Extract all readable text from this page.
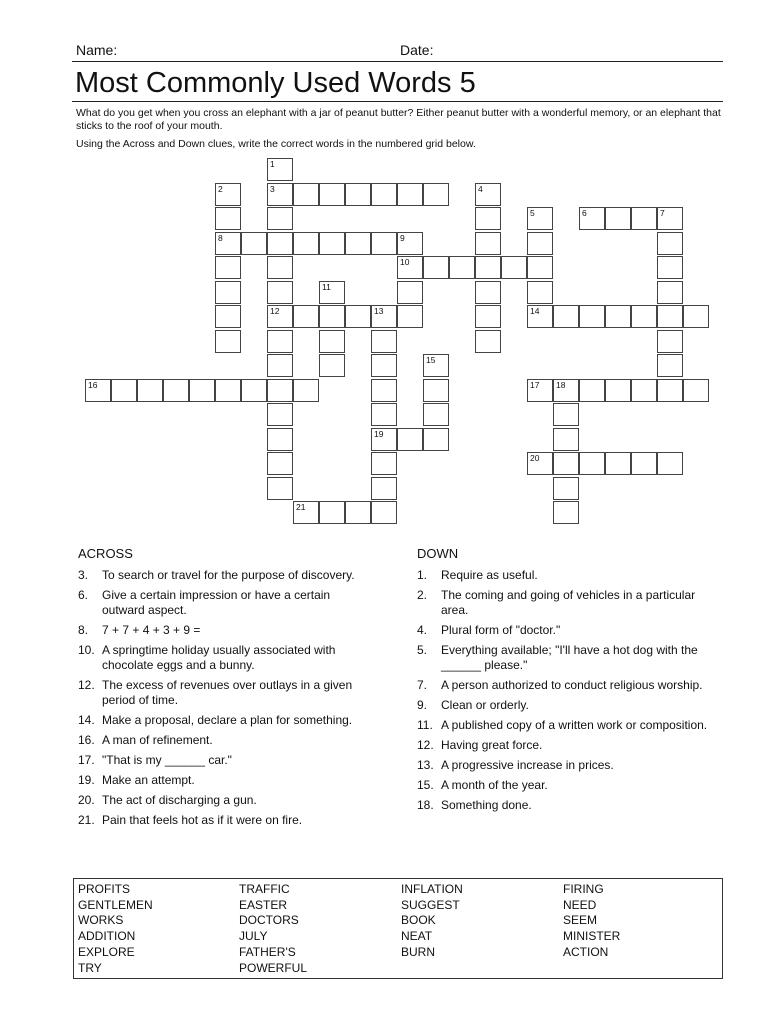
Name:	Date:
Most Commonly Used Words 5
What do you get when you cross an elephant with a jar of peanut butter? Either peanut butter with a wonderful memory, or an elephant that sticks to the roof of your mouth.
Using the Across and Down clues, write the correct words in the numbered grid below.
3
6	7
8	9
10
12	13	14
16	17 18
19
20
21
1
2	4
5
11
15
ACROSS	DOWN
3.	To search or travel for the purpose of discovery.
6.	Give a certain impression or have a certain outward aspect.
8.	7 + 7 + 4 + 3 + 9 =
10. A springtime holiday usually associated with chocolate eggs and a bunny.
12. The excess of revenues over outlays in a given period of time.
14. Make a proposal, declare a plan for something.
16. A man of refinement.
17. "That is my ______ car."
19. Make an attempt.
20. The act of discharging a gun.
21. Pain that feels hot as if it were on fire.
1.	Require as useful.
2.	The coming and going of vehicles in a particular area.
4.	Plural form of "doctor."
5.	Everything available; "I'll have a hot dog with the ______ please."
7.	A person authorized to conduct religious worship.
9.	Clean or orderly.
11. A published copy of a written work or composition.
12. Having great force.
13. A progressive increase in prices.
15. A month of the year.
18. Something done.
PROFITS
GENTLEMEN
WORKS
ADDITION
EXPLORE
TRY
TRAFFIC
EASTER
DOCTORS
JULY
FATHER'S
POWERFUL
INFLATION
SUGGEST
BOOK
NEAT
BURN
FIRING
NEED
SEEM
MINISTER
ACTION
